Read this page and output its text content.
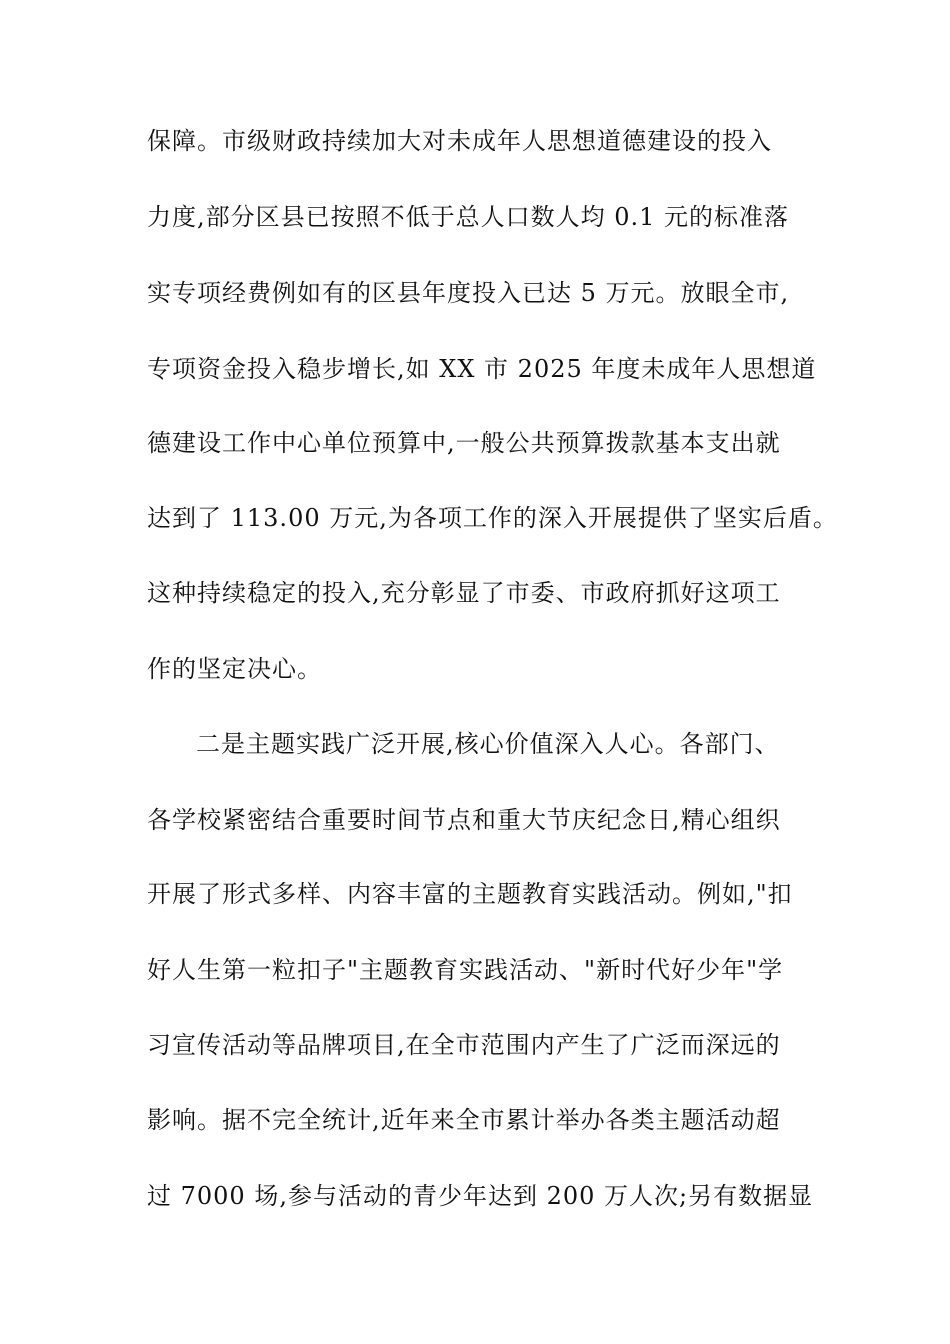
保障。市级财政持续加大对未成年人思想道德建设的投入
力度,部分区县已按照不低于总人口数人均 0.1 元的标准落
实专项经费例如有的区县年度投入已达 5 万元。放眼全市,
专项资金投入稳步增长,如 XX 市 2025 年度未成年人思想道
德建设工作中心单位预算中,一般公共预算拨款基本支出就
达到了 113.00 万元,为各项工作的深入开展提供了坚实后盾。
这种持续稳定的投入,充分彰显了市委、市政府抓好这项工
作的坚定决心。
二是主题实践广泛开展,核心价值深入人心。各部门、
各学校紧密结合重要时间节点和重大节庆纪念日,精心组织
开展了形式多样、内容丰富的主题教育实践活动。例如,"扣
好人生第一粒扣子"主题教育实践活动、"新时代好少年"学
习宣传活动等品牌项目,在全市范围内产生了广泛而深远的
影响。据不完全统计,近年来全市累计举办各类主题活动超
过 7000 场,参与活动的青少年达到 200 万人次;另有数据显
